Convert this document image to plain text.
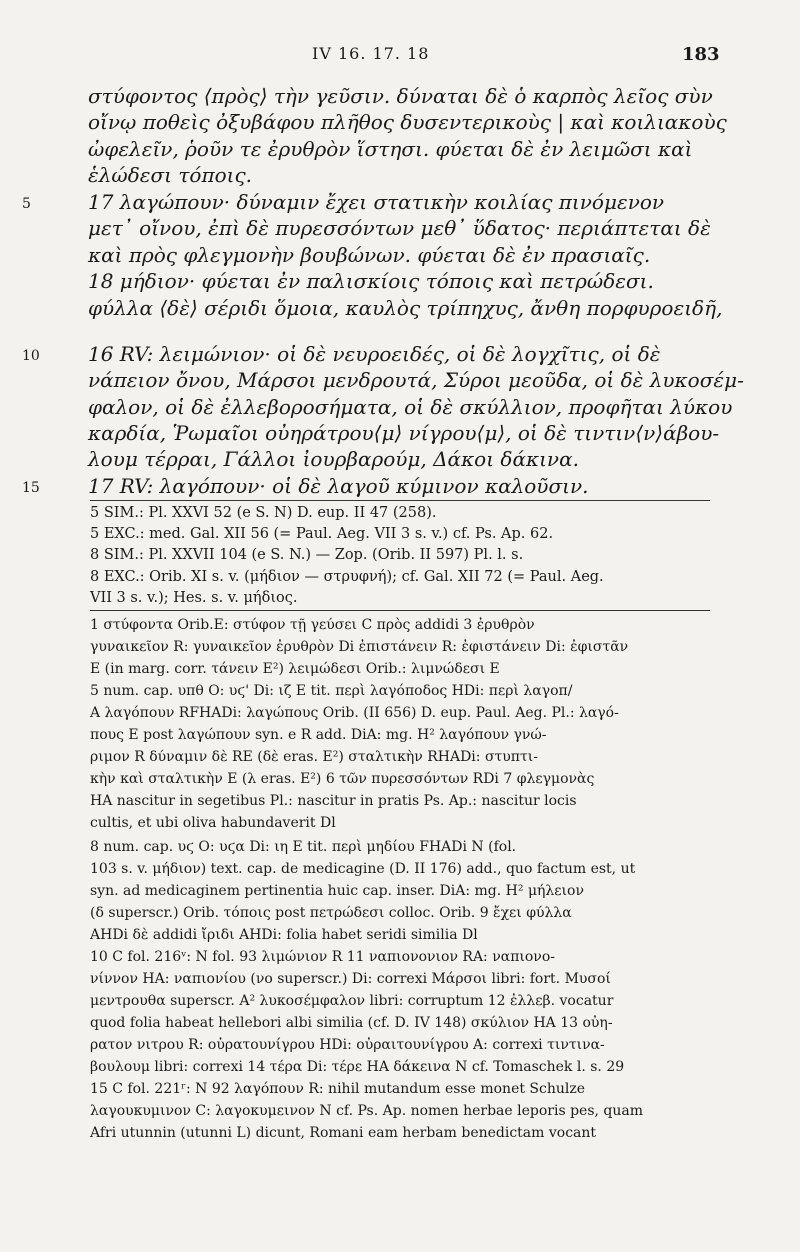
IV 16. 17. 18	183
στύφοντος ⟨πρὸς⟩ τὴν γεῦσιν. δύναται δὲ ὁ καρπὸς λεῖος σὺν
οἴνῳ ποθεὶς ὀξυβάφου πλῆθος δυσεντερικοὺς | καὶ κοιλιακοὺς
ὠφελεῖν, ῥοῦν τε ἐρυθρὸν ἵστησι. φύεται δὲ ἐν λειμῶσι καὶ
ἑλώδεσι τόποις.
5	17 λαγώπουν· δύναμιν ἔχει στατικὴν κοιλίας πινόμενον
μετ᾿ οἴνου, ἐπὶ δὲ πυρεσσόντων μεθ᾿ ὕδατος· περιάπτεται δὲ
καὶ πρὸς φλεγμονὴν βουβώνων. φύεται δὲ ἐν πρασιαῖς.
18 μήδιον· φύεται ἐν παλισκίοις τόποις καὶ πετρώδεσι.
φύλλα ⟨δὲ⟩ σέριδι ὅμοια, καυλὸς τρίπηχυς, ἄνθη πορφυροειδῆ,
10 16 RV: λειμώνιον· οἱ δὲ νευροειδές, οἱ δὲ λογχῖτις, οἱ δὲ
νάπειον ὄνου, Μάρσοι μενδρουτά, Σύροι μεοῦδα, οἱ δὲ λυκοσέμ-
φαλον, οἱ δὲ ἐλλεβοροσήματα, οἱ δὲ σκύλλιον, προφῆται λύκου
καρδία, Ῥωμαῖοι οὐηράτρου⟨μ⟩ νίγρου⟨μ⟩, οἱ δὲ τιντιν⟨ν⟩άβου-
λουμ τέρραι, Γάλλοι ἰουρβαρούμ, Δάκοι δάκινα.
15 17 RV: λαγόπουν· οἱ δὲ λαγοῦ κύμινον καλοῦσιν.
5 SIM.: Pl. XXVI 52 (e S. N) D. eup. II 47 (258).
5 EXC.: med. Gal. XII 56 (= Paul. Aeg. VII 3 s. v.) cf. Ps. Ap. 62.
8 SIM.: Pl. XXVII 104 (e S. N.) — Zop. (Orib. II 597) Pl. l. s.
8 EXC.: Orib. XI s. v. (μήδιον — στρυφνή); cf. Gal. XII 72 (= Paul. Aeg.
VII 3 s. v.); Hes. s. v. μήδιος.
1 στύφοντα Orib.E: στύφον τῇ γεύσει C πρὸς addidi 3 ἐρυθρὸν
γυναικεῖον R: γυναικεῖον ἐρυθρὸν Di ἐπιστάνειν R: ἐφιστάνειν Di: ἐφιστᾶν
E (in marg. corr. τάνειν E²) λειμώδεσι Orib.: λιμνώδεσι E
5 num. cap. υπθ O: υϛ' Di: ιζ E tit. περὶ λαγόποδος HDi: περὶ λαγοπ/
A λαγόπουν RFHADi: λαγώπους Orib. (II 656) D. eup. Paul. Aeg. Pl.: λαγό-
πους E post λαγώπουν syn. e R add. DiA: mg. H² λαγόπουν γνώ-
ριμον R δύναμιν δὲ RE (δὲ eras. E²) σταλτικὴν RHADi: στυπτι-
κὴν καὶ σταλτικὴν E (λ eras. E²) 6 τῶν πυρεσσόντων RDi 7 φλεγμονὰς
HA nascitur in segetibus Pl.: nascitur in pratis Ps. Ap.: nascitur locis
cultis, et ubi oliva habundaverit Dl
8 num. cap. υϛ O: υϛα Di: ιη E tit. περὶ μηδίου FHADi N (fol.
103 s. v. μήδιον) text. cap. de medicagine (D. II 176) add., quo factum est, ut
syn. ad medicaginem pertinentia huic cap. inser. DiA: mg. H² μήλειον
(δ superscr.) Orib. τόποις post πετρώδεσι colloc. Orib. 9 ἔχει φύλλα
AHDi δὲ addidi ἴριδι AHDi: folia habet seridi similia Dl
10 C fol. 216ᵛ: N fol. 93 λιμώνιον R 11 ναπιονονιον RA: ναπιονο-
νίννον HA: ναπιονίου (νο superscr.) Di: correxi Μάρσοι libri: fort. Μυσοί
μεντρουθα superscr. A² λυκοσέμφαλον libri: corruptum 12 ἐλλεβ. vocatur
quod folia habeat hellebori albi similia (cf. D. IV 148) σκύλιον HA 13 οὐη-
ρατον νιτρου R: οὐρατουνίγρου HDi: οὐραιτουνίγρου A: correxi τιντινα-
βουλουμ libri: correxi 14 τέρα Di: τέρε HA δάκεινα N cf. Tomaschek l. s. 29
15 C fol. 221ʳ: N 92 λαγόπουν R: nihil mutandum esse monet Schulze
λαγουκυμινον C: λαγοκυμεινον N cf. Ps. Ap. nomen herbae leporis pes, quam
Afri utunnin (utunni L) dicunt, Romani eam herbam benedictam vocant
